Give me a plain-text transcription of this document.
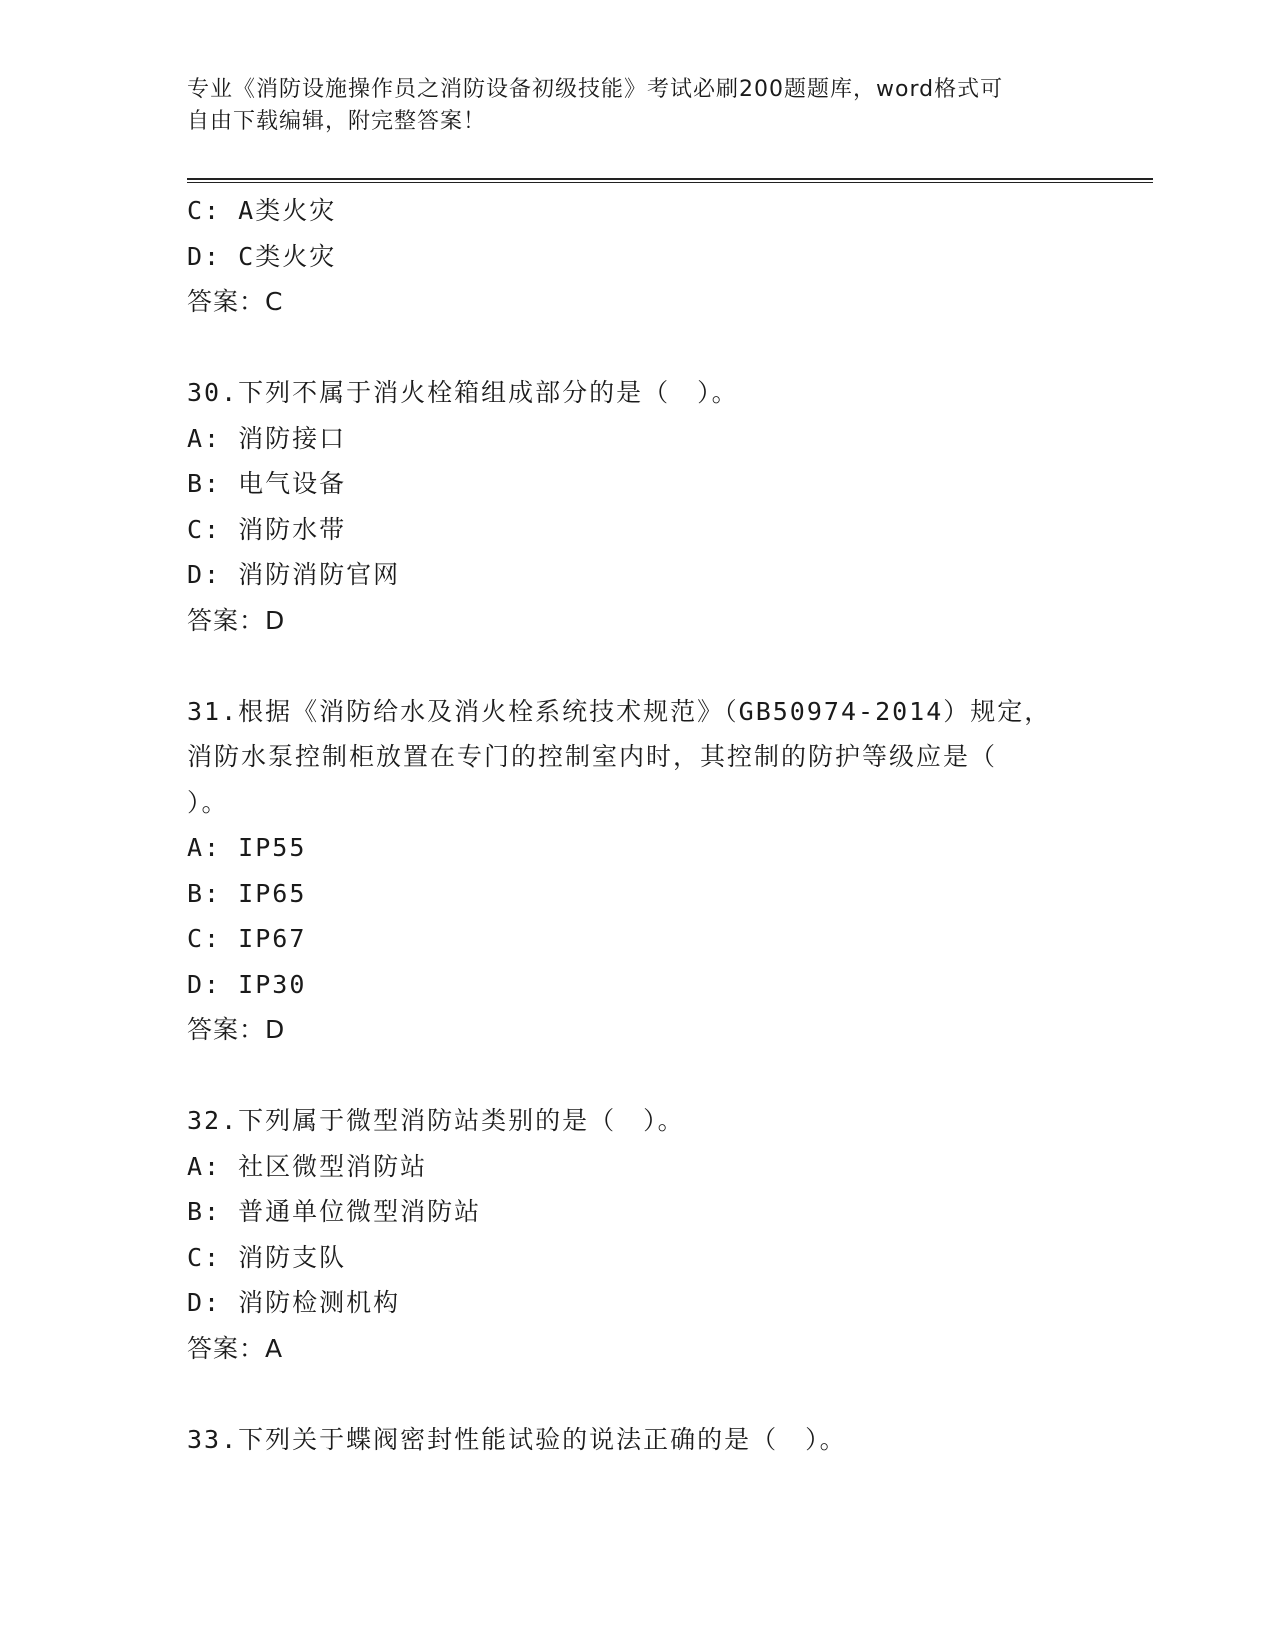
专业《消防设施操作员之消防设备初级技能》考试必刷200题题库，word格式可
自由下载编辑，附完整答案！
C: A类火灾
D: C类火灾
答案：C
30.下列不属于消火栓箱组成部分的是（　）。
A: 消防接口
B: 电气设备
C: 消防水带
D: 消防消防官网
答案：D
31.根据《消防给水及消火栓系统技术规范》（GB50974-2014）规定，
消防水泵控制柜放置在专门的控制室内时，其控制的防护等级应是（
）。
A: IP55
B: IP65
C: IP67
D: IP30
答案：D
32.下列属于微型消防站类别的是（　）。
A: 社区微型消防站
B: 普通单位微型消防站
C: 消防支队
D: 消防检测机构
答案：A
33.下列关于蝶阀密封性能试验的说法正确的是（　）。
